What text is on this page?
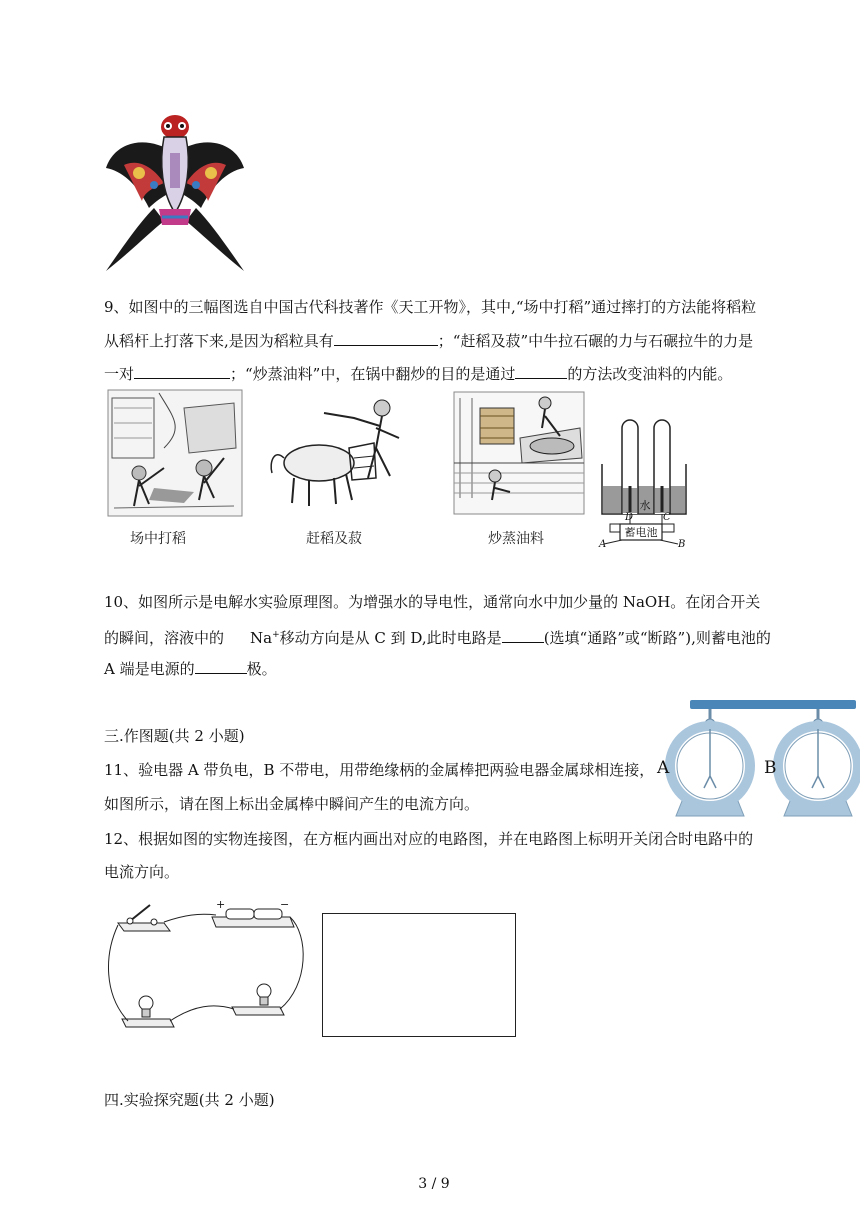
9、如图中的三幅图选自中国古代科技著作《天工开物》，其中,“场中打稻”通过摔打的方法能将稻粒
从稻杆上打落下来,是因为稻粒具有	；“赶稻及菽”中牛拉石碾的力与石碾拉牛的力是
一对	；“炒蒸油料”中，在锅中翻炒的目的是通过	的方法改变油料的内能。
场中打稻	赶稻及菽	炒蒸油料
水
D	C
蓄电池
A	B
10、如图所示是电解水实验原理图。为增强水的导电性，通常向水中加少量的 NaOH。在闭合开关
的瞬间，溶液中的 Na+移动方向是从 C 到 D,此时电路是	(选填“通路”或“断路”),则蓄电池的
A 端是电源的	极。
三.作图题(共 2 小题)
11、验电器 A 带负电，B 不带电，用带绝缘柄的金属棒把两验电器金属球相连接，
如图所示，请在图上标出金属棒中瞬间产生的电流方向。
A	B
12、根据如图的实物连接图，在方框内画出对应的电路图，并在电路图上标明开关闭合时电路中的
电流方向。
+	−
四.实验探究题(共 2 小题)
3 / 9
